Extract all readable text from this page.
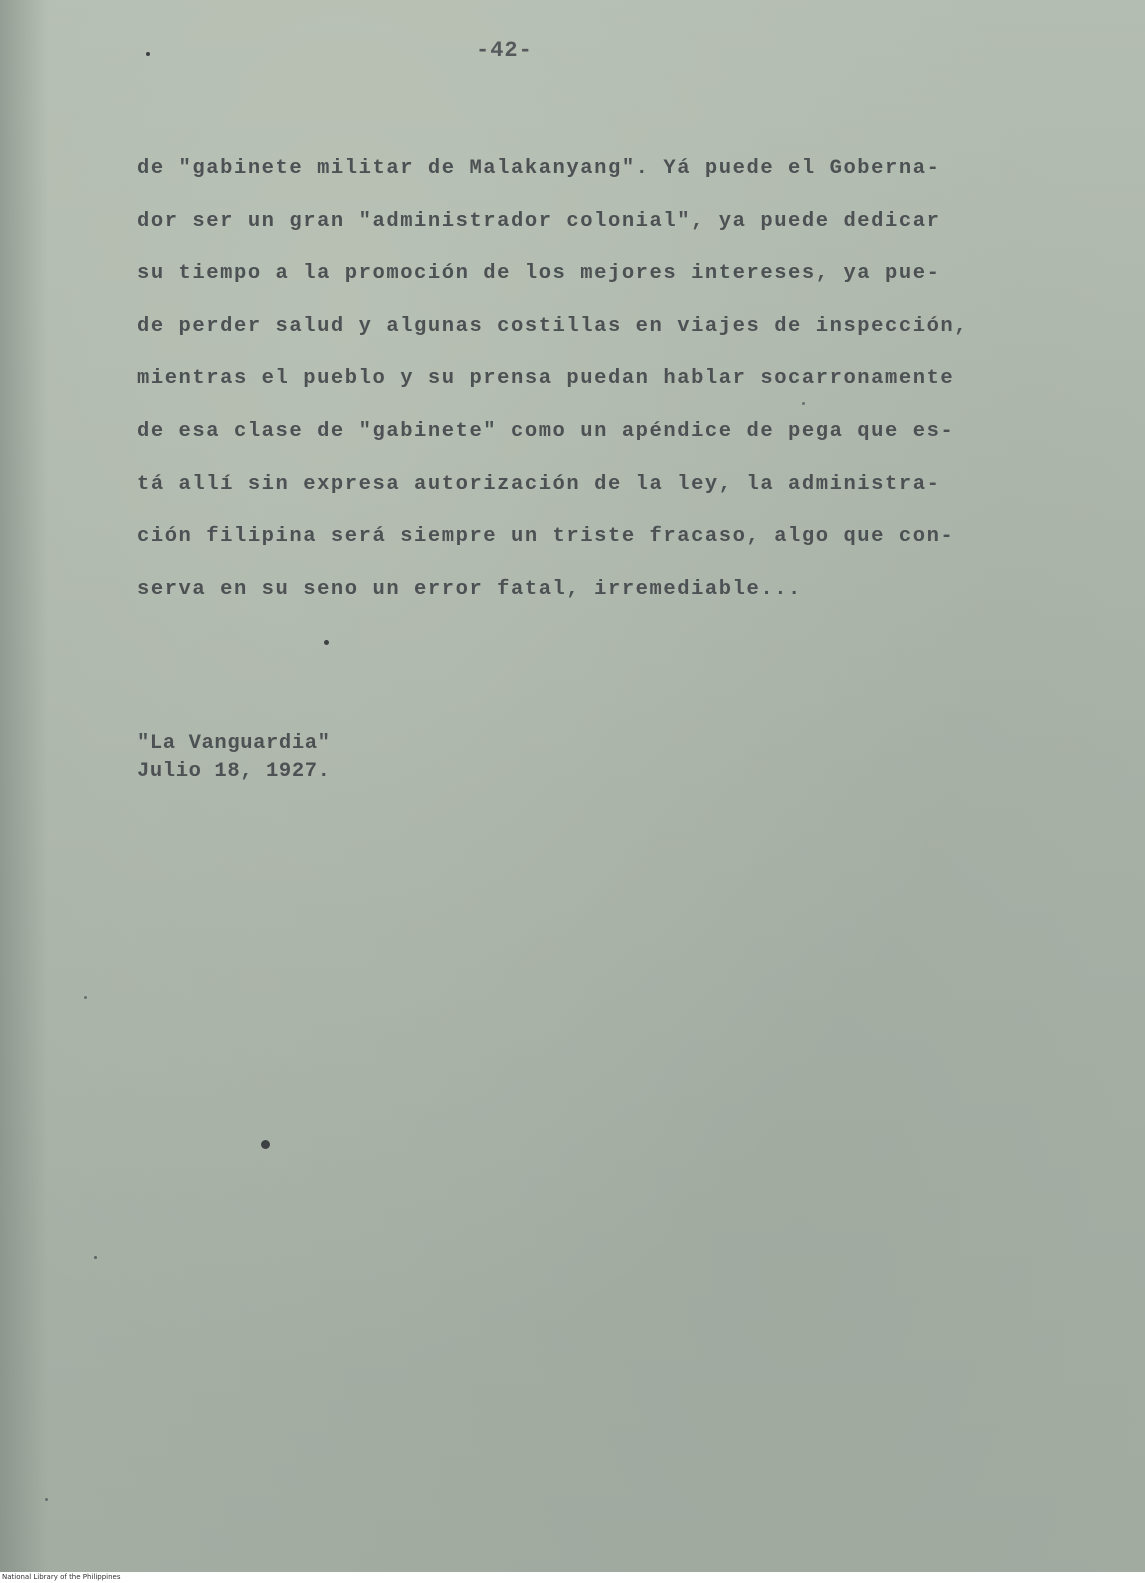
-42-
de "gabinete militar de Malakanyang". Yá puede el Goberna-
dor ser un gran "administrador colonial", ya puede dedicar
su tiempo a la promoción de los mejores intereses, ya pue-
de perder salud y algunas costillas en viajes de inspección,
mientras el pueblo y su prensa puedan hablar socarronamente
de esa clase de "gabinete" como un apéndice de pega que es-
tá allí sin expresa autorización de la ley, la administra-
ción filipina será siempre un triste fracaso, algo que con-
serva en su seno un error fatal, irremediable...
"La Vanguardia"
Julio 18, 1927.
National Library of the Philippines
